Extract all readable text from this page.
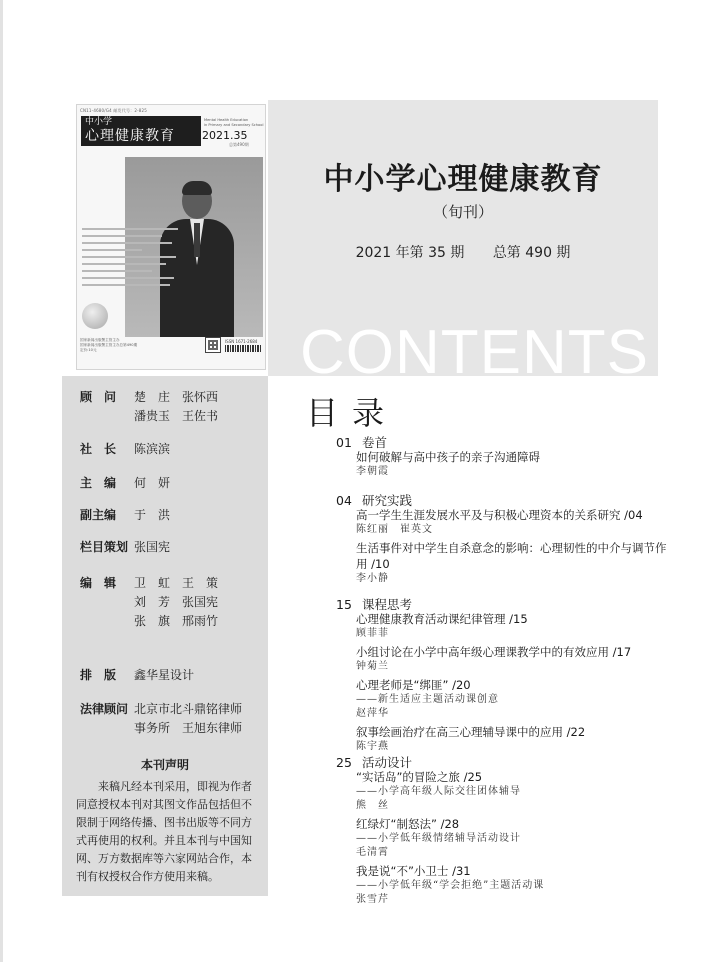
CN11-4680/G4 邮发代号：2-825
中小学
心理健康教育
Mental Health Education
in Primary and Secondary School
2021.35
总第490期
国家新闻出版署主管主办
国家新闻出版署主管主办总第490期
定价:10元
ISSN 1671-2684
中小学心理健康教育
（旬刊）
2021 年第 35 期 总第 490 期
CONTENTS
顾　问 楚　庄　张怀西
潘贵玉　王佐书
社　长 陈滨滨
主　编 何　妍
副主编 于　洪
栏目策划 张国宪
编　辑 卫　虹　王　策
刘　芳　张国宪
张　旗　邢雨竹
排　版 鑫华星设计
法律顾问 北京市北斗鼎铭律师
事务所　王旭东律师
本刊声明
　　来稿凡经本刊采用，即视为作者同意授权本刊对其图文作品包括但不限制于网络传播、图书出版等不同方式再使用的权利。并且本刊与中国知网、万方数据库等六家网站合作，本刊有权授权合作方使用来稿。
目录
01 卷首
如何破解与高中孩子的亲子沟通障碍
李朝霞
04 研究实践
高一学生生涯发展水平及与积极心理资本的关系研究 /04
陈红丽　崔英文
生活事件对中学生自杀意念的影响：心理韧性的中介与调节作用 /10
李小静
15 课程思考
心理健康教育活动课纪律管理 /15
顾菲菲
小组讨论在小学中高年级心理课教学中的有效应用 /17
钟菊兰
心理老师是“绑匪” /20
——新生适应主题活动课创意
赵萍华
叙事绘画治疗在高三心理辅导课中的应用 /22
陈宇燕
25 活动设计
“实话岛”的冒险之旅 /25
——小学高年级人际交往团体辅导
熊　丝
红绿灯“制怒法” /28
——小学低年级情绪辅导活动设计
毛清霄
我是说“不”小卫士 /31
——小学低年级“学会拒绝”主题活动课
张雪芹
